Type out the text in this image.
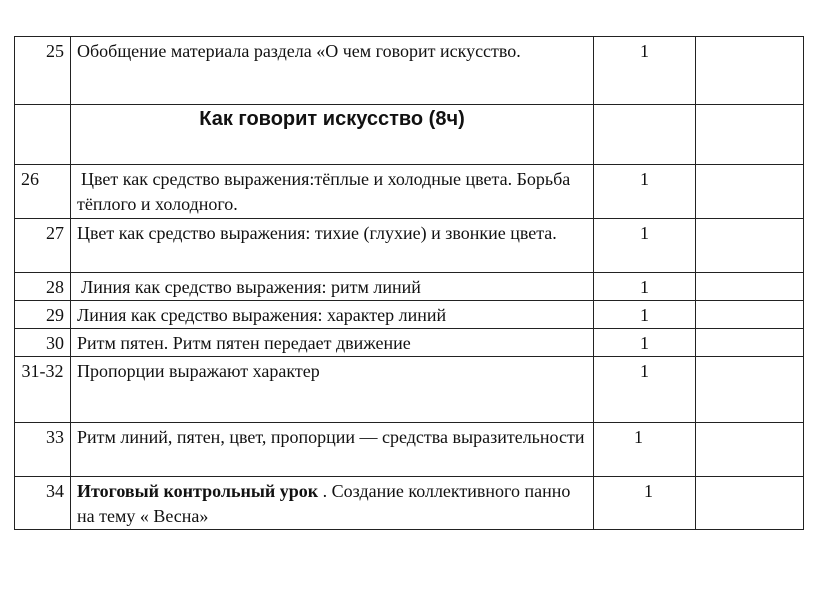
25	Обобщение материала раздела «О чем говорит искусство.	1	
	Как говорит искусство (8ч)		
26	Цвет как средство выражения:тёплые и холодные цвета. Борьба тёплого и холодного.	1	
27	Цвет как средство выражения: тихие (глухие) и звонкие цвета.	1	
28	Линия как средство выражения: ритм линий	1	
29	Линия как средство выражения: характер линий	1	
30	Ритм пятен. Ритм пятен передает движение	1	
31-32	Пропорции выражают характер	1	
33	Ритм линий, пятен, цвет, пропорции — средства выразительности	1	
34	Итоговый контрольный урок . Создание коллективного панно на тему « Весна»	1	
